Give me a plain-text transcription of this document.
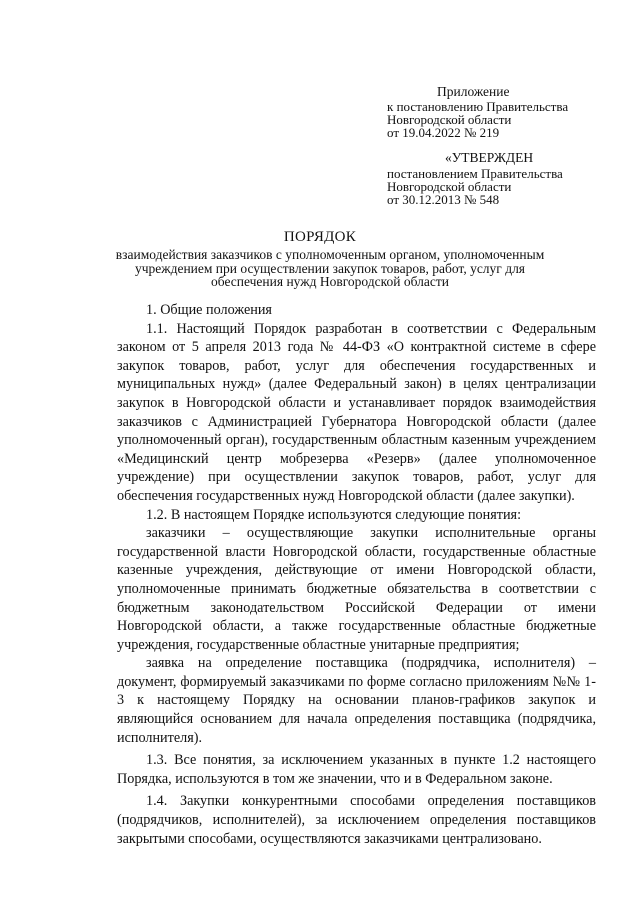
Приложение
к постановлению Правительства
Новгородской области
от 19.04.2022 № 219
«УТВЕРЖДЕН
постановлением Правительства
Новгородской области
от 30.12.2013 № 548
ПОРЯДОК
взаимодействия заказчиков с уполномоченным органом, уполномоченным
учреждением при осуществлении закупок товаров, работ, услуг для
обеспечения нужд Новгородской области

1. Общие положения

1.1. Настоящий Порядок разработан в соответствии с Федеральным законом от 5 апреля 2013 года № 44-ФЗ «О контрактной системе в сфере закупок товаров, работ, услуг для обеспечения государственных и муниципальных нужд» (далее Федеральный закон) в целях централизации закупок в Новгородской области и устанавливает порядок взаимодействия заказчиков с Администрацией Губернатора Новгородской области (далее уполномоченный орган), государственным областным казенным учреждением «Медицинский центр мобрезерва «Резерв» (далее уполномоченное учреждение) при осуществлении закупок товаров, работ, услуг для обеспечения государственных нужд Новгородской области (далее закупки).

1.2. В настоящем Порядке используются следующие понятия:

заказчики – осуществляющие закупки исполнительные органы государственной власти Новгородской области, государственные областные казенные учреждения, действующие от имени Новгородской области, уполномоченные принимать бюджетные обязательства в соответствии с бюджетным законодательством Российской Федерации от имени Новгородской области, а также государственные областные бюджетные учреждения, государственные областные унитарные предприятия;

заявка на определение поставщика (подрядчика, исполнителя) – документ, формируемый заказчиками по форме согласно приложениям №№ 1-3 к настоящему Порядку на основании планов-графиков закупок и являющийся основанием для начала определения поставщика (подрядчика, исполнителя).

1.3. Все понятия, за исключением указанных в пункте 1.2 настоящего Порядка, используются в том же значении, что и в Федеральном законе.

1.4. Закупки конкурентными способами определения поставщиков (подрядчиков, исполнителей), за исключением определения поставщиков закрытыми способами, осуществляются заказчиками централизовано.
